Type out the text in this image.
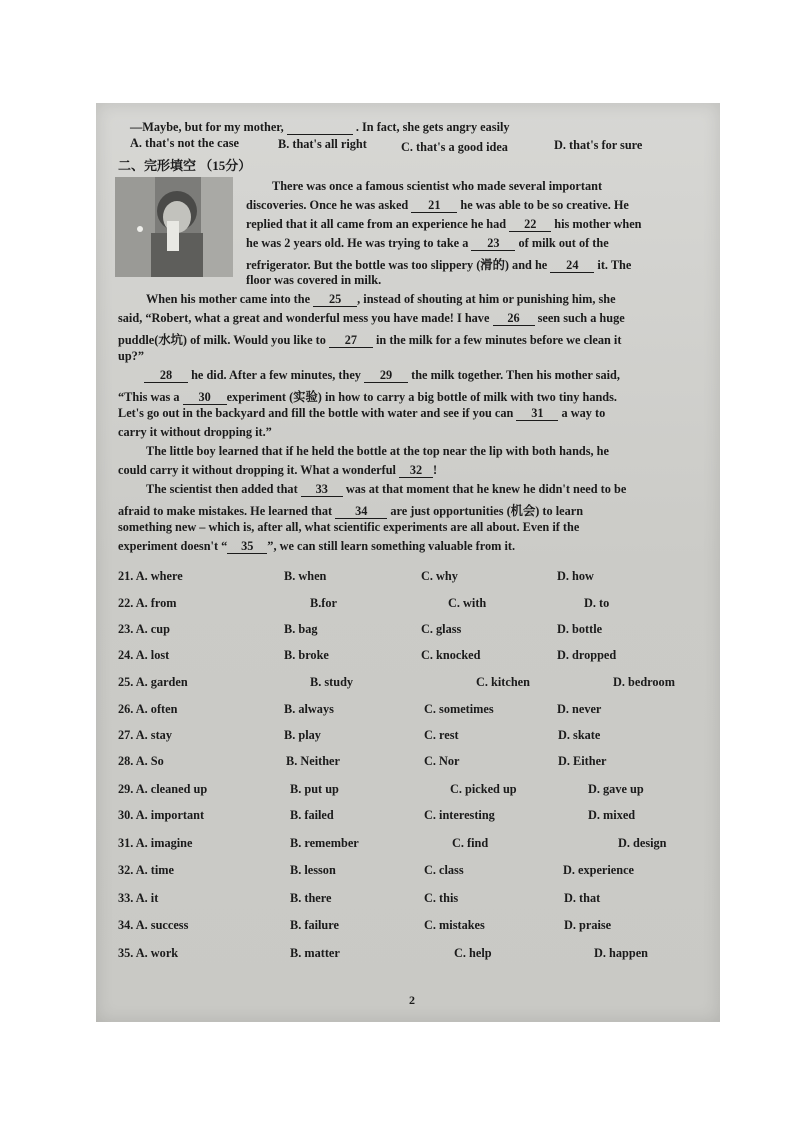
—Maybe, but for my mother,	. In fact, she gets angry easily
A. that's not the case	B. that's all right	C. that's a good idea	D. that's for sure
二、完形填空 （15分）
There was once a famous scientist who made several important
discoveries. Once he was asked 21 he was able to be so creative. He
replied that it all came from an experience he had 22 his mother when
he was 2 years old. He was trying to take a 23 of milk out of the
refrigerator. But the bottle was too slippery (滑的) and he 24 it. The
floor was covered in milk.
When his mother came into the 25 , instead of shouting at him or punishing him, she
said, “Robert, what a great and wonderful mess you have made! I have 26 seen such a huge
puddle(水坑) of milk. Would you like to 27 in the milk for a few minutes before we clean it
up?”
28 he did. After a few minutes, they 29 the milk together. Then his mother said,
“This was a 30 experiment (实验) in how to carry a big bottle of milk with two tiny hands.
Let's go out in the backyard and fill the bottle with water and see if you can 31 a way to
carry it without dropping it.”
The little boy learned that if he held the bottle at the top near the lip with both hands, he
could carry it without dropping it. What a wonderful 32 !
The scientist then added that 33 was at that moment that he knew he didn't need to be
afraid to make mistakes. He learned that 34 are just opportunities (机会) to learn
something new – which is, after all, what scientific experiments are all about. Even if the
experiment doesn't “ 35 ”, we can still learn something valuable from it.
21. A. where	B. when	C. why	D. how
22. A. from	B.for	C. with	D. to
23. A. cup	B. bag	C. glass	D. bottle
24. A. lost	B. broke	C. knocked	D. dropped
25. A. garden	B. study	C. kitchen	D. bedroom
26. A. often	B. always	C. sometimes	D. never
27. A. stay	B. play	C. rest	D. skate
28. A. So	B. Neither	C. Nor	D. Either
29. A. cleaned up	B. put up	C. picked up	D. gave up
30. A. important	B. failed	C. interesting	D. mixed
31. A. imagine	B. remember	C. find	D. design
32. A. time	B. lesson	C. class	D. experience
33. A. it	B. there	C. this	D. that
34. A. success	B. failure	C. mistakes	D. praise
35. A. work	B. matter	C. help	D. happen
2
